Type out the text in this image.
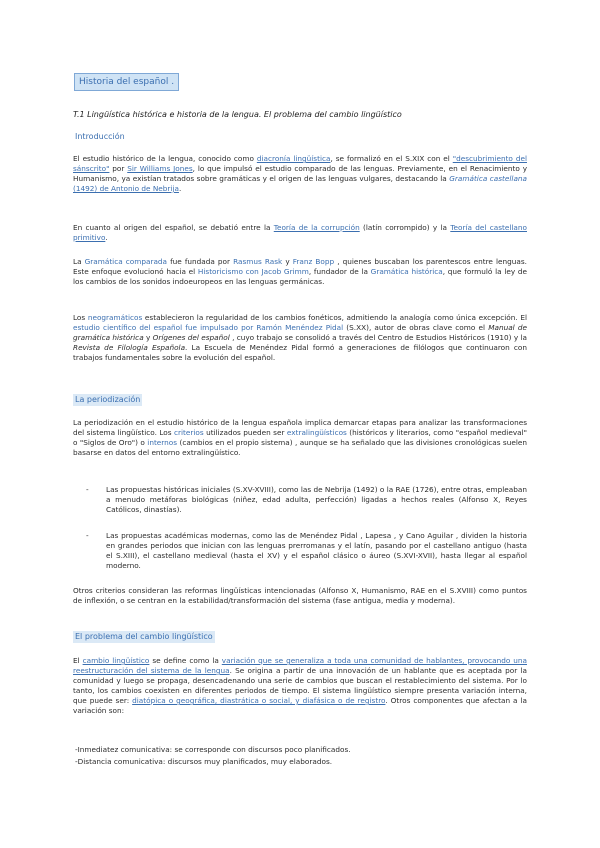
Historia del español .
T.1 Lingüística histórica e historia de la lengua. El problema del cambio lingüístico
Introducción

El estudio histórico de la lengua, conocido como diacronía lingüística, se formalizó en el S.XIX con el "descubrimiento del sánscrito" por Sir Williams Jones, lo que impulsó el estudio comparado de las lenguas. Previamente, en el Renacimiento y Humanismo, ya existían tratados sobre gramáticas y el origen de las lenguas vulgares, destacando la Gramática castellana (1492) de Antonio de Nebrija.

En cuanto al origen del español, se debatió entre la Teoría de la corrupción (latín corrompido) y la Teoría del castellano primitivo.

La Gramática comparada fue fundada por Rasmus Rask y Franz Bopp , quienes buscaban los parentescos entre lenguas. Este enfoque evolucionó hacia el Historicismo con Jacob Grimm, fundador de la Gramática histórica, que formuló la ley de los cambios de los sonidos indoeuropeos en las lenguas germánicas.

Los neogramáticos establecieron la regularidad de los cambios fonéticos, admitiendo la analogía como única excepción. El estudio científico del español fue impulsado por Ramón Menéndez Pidal (S.XX), autor de obras clave como el Manual de gramática histórica y Orígenes del español , cuyo trabajo se consolidó a través del Centro de Estudios Históricos (1910) y la Revista de Filología Española. La Escuela de Menéndez Pidal formó a generaciones de filólogos que continuaron con trabajos fundamentales sobre la evolución del español.

La periodización

La periodización en el estudio histórico de la lengua española implica demarcar etapas para analizar las transformaciones del sistema lingüístico. Los criterios utilizados pueden ser extralingüísticos (históricos y literarios, como "español medieval" o "Siglos de Oro") o internos (cambios en el propio sistema) , aunque se ha señalado que las divisiones cronológicas suelen basarse en datos del entorno extralingüístico.

- Las propuestas históricas iniciales (S.XV-XVIII), como las de Nebrija (1492) o la RAE (1726), entre otras, empleaban a menudo metáforas biológicas (niñez, edad adulta, perfección) ligadas a hechos reales (Alfonso X, Reyes Católicos, dinastías).
- Las propuestas académicas modernas, como las de Menéndez Pidal , Lapesa , y Cano Aguilar , dividen la historia en grandes periodos que inician con las lenguas prerromanas y el latín, pasando por el castellano antiguo (hasta el S.XIII), el castellano medieval (hasta el XV) y el español clásico o áureo (S.XVI-XVII), hasta llegar al español moderno.

Otros criterios consideran las reformas lingüísticas intencionadas (Alfonso X, Humanismo, RAE en el S.XVIII) como puntos de inflexión, o se centran en la estabilidad/transformación del sistema (fase antigua, media y moderna).

El problema del cambio lingüístico

El cambio lingüístico se define como la variación que se generaliza a toda una comunidad de hablantes, provocando una reestructuración del sistema de la lengua. Se origina a partir de una innovación de un hablante que es aceptada por la comunidad y luego se propaga, desencadenando una serie de cambios que buscan el restablecimiento del sistema. Por lo tanto, los cambios coexisten en diferentes periodos de tiempo. El sistema lingüístico siempre presenta variación interna, que puede ser: diatópica o geográfica, diastrática o social, y diafásica o de registro. Otros componentes que afectan a la variación son:

-Inmediatez comunicativa: se corresponde con discursos poco planificados.
-Distancia comunicativa: discursos muy planificados, muy elaborados.
